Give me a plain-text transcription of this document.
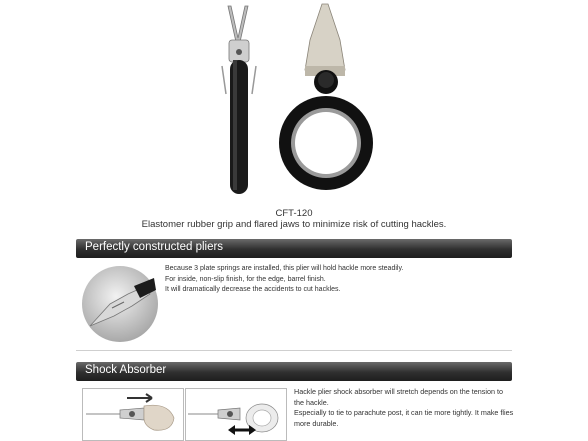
CFT-120
Elastomer rubber grip and flared jaws to minimize risk of cutting hackles.
Perfectly constructed pliers
Because 3 plate springs are installed, this plier will hold hackle more steadily.
For inside, non-slip finish, for the edge, barrel finish.
It will dramatically decrease the accidents to cut hackles.
Shock Absorber
Hackle plier shock absorber will stretch depends on the tension to the hackle.
Especially to tie to parachute post, it can tie more tightly. It make flies more durable.
